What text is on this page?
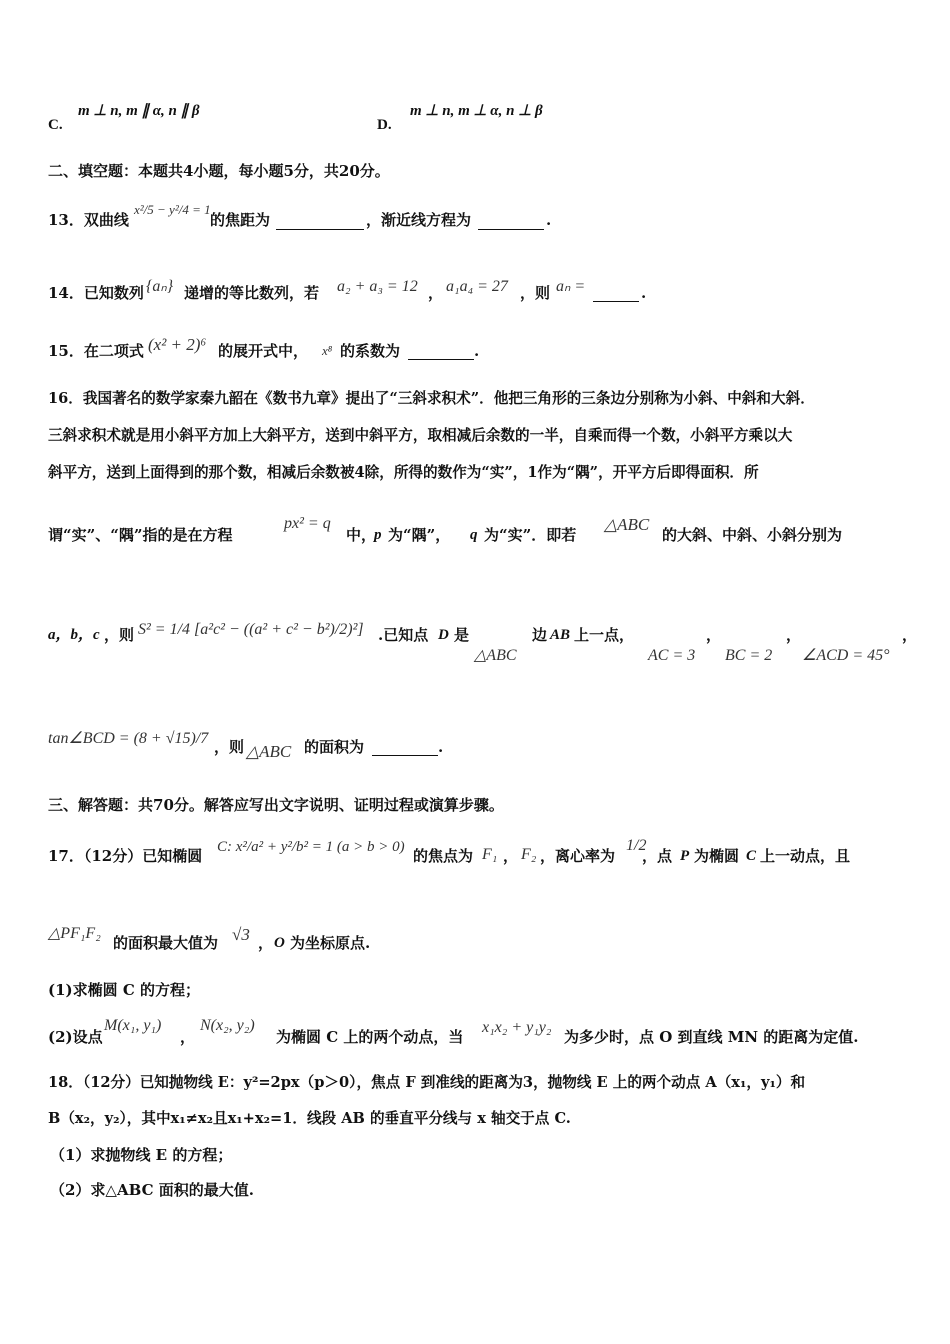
C.
m ⊥ n, m ∥ α, n ∥ β
D.
m ⊥ n, m ⊥ α, n ⊥ β
二、填空题：本题共4小题，每小题5分，共20分。
13．双曲线
x²/5 − y²/4 = 1
的焦距为	，渐近线方程为	.
14．已知数列 {aₙ} 递增的等比数列，若 a₂ + a₃ = 12 ， a₁a₄ = 27 ，则 aₙ =	.
15．在二项式 (x² + 2)⁶ 的展开式中， x⁸ 的系数为	.
16．我国著名的数学家秦九韶在《数书九章》提出了“三斜求积术”．他把三角形的三条边分别称为小斜、中斜和大斜．
三斜求积术就是用小斜平方加上大斜平方，送到中斜平方，取相减后余数的一半，自乘而得一个数，小斜平方乘以大
斜平方，送到上面得到的那个数，相减后余数被4除，所得的数作为“实”，1作为“隅”，开平方后即得面积．所
谓“实”、“隅”指的是在方程
px² = q
中，
p 为“隅”， q 为“实”．即若
△ABC
的大斜、中斜、小斜分别为
a，b，c ，则 S² = 1/4 [a²c² − ((a² + c² − b²)/2)²] .已知点 D 是
△ABC
边 AB 上一点，	，	，	，
AC = 3 BC = 2 ∠ACD = 45°
tan∠BCD = (8 + √15)/7 ，则 △ABC 的面积为	.
三、解答题：共70分。解答应写出文字说明、证明过程或演算步骤。
17．（12分）已知椭圆 C: x²/a² + y²/b² = 1 (a > b > 0) 的焦点为 F₁ ， F₂ ，离心率为
1/2
，点 P 为椭圆 C 上一动点，且
△PF₁F₂
的面积最大值为 √3 ， O 为坐标原点.
(1)求椭圆 C 的方程；
(2)设点
M(x₁, y₁)
，
N(x₂, y₂)
为椭圆 C 上的两个动点，当
x₁x₂ + y₁y₂
为多少时，点 O 到直线 MN 的距离为定值.
18．（12分）已知抛物线 E：y²=2px（p＞0），焦点 F 到准线的距离为3，抛物线 E 上的两个动点 A（x₁，y₁）和
B（x₂，y₂），其中x₁≠x₂且x₁+x₂=1．线段 AB 的垂直平分线与 x 轴交于点 C.
（1）求抛物线 E 的方程；
（2）求△ABC 面积的最大值.
